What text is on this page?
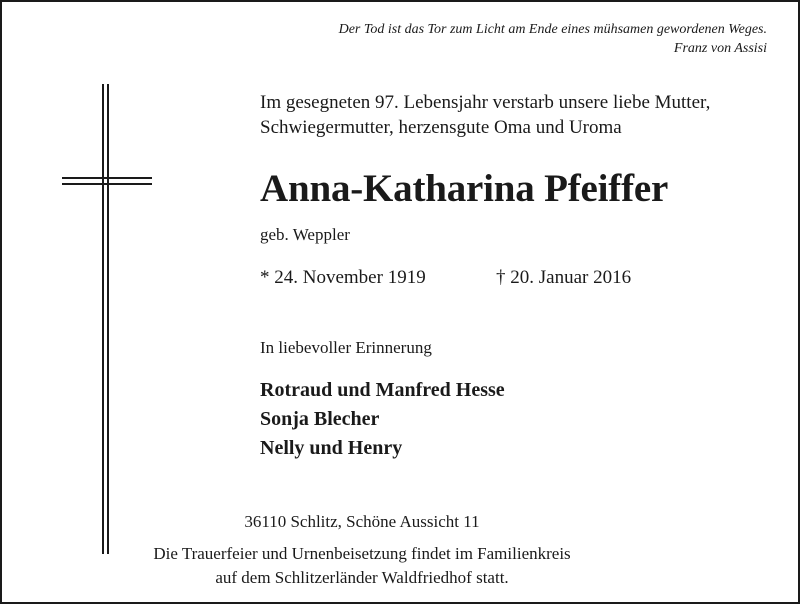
Der Tod ist das Tor zum Licht am Ende eines mühsamen gewordenen Weges.
Franz von Assisi
Im gesegneten 97. Lebensjahr verstarb unsere liebe Mutter,
Schwiegermutter, herzensgute Oma und Uroma
Anna-Katharina Pfeiffer
geb. Weppler
* 24. November 1919	† 20. Januar 2016
In liebevoller Erinnerung
Rotraud und Manfred Hesse
Sonja Blecher
Nelly und Henry
36110 Schlitz, Schöne Aussicht 11
Die Trauerfeier und Urnenbeisetzung findet im Familienkreis
auf dem Schlitzerländer Waldfriedhof statt.
